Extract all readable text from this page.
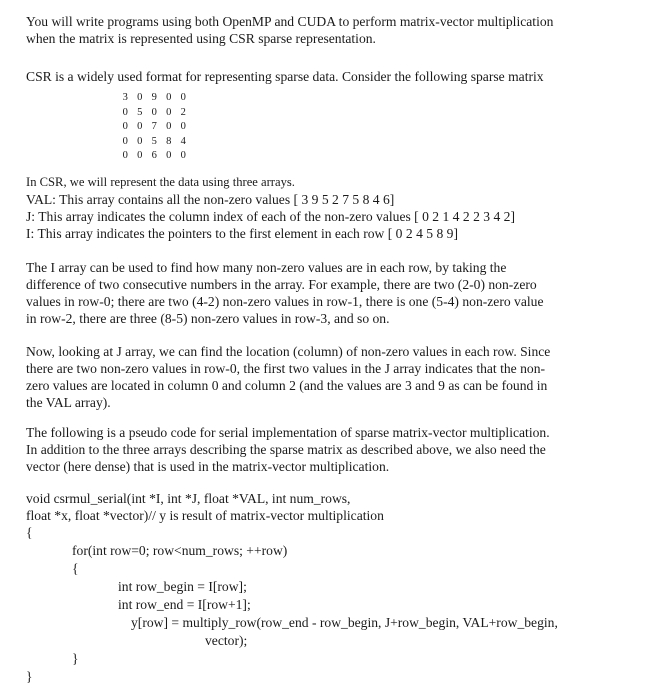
You will write programs using both OpenMP and CUDA to perform matrix-vector multiplication
when the matrix is represented using CSR sparse representation.
CSR is a widely used format for representing sparse data. Consider the following sparse matrix
3 0 9 0 0
0 5 0 0 2
0 0 7 0 0
0 0 5 8 4
0 0 6 0 0
In CSR, we will represent the data using three arrays.
VAL: This array contains all the non-zero values [ 3 9 5 2 7 5 8 4 6]
J: This array indicates the column index of each of the non-zero values [ 0 2 1 4 2 2 3 4 2]
I: This array indicates the pointers to the first element in each row [ 0 2 4 5 8 9]
The I array can be used to find how many non-zero values are in each row, by taking the
difference of two consecutive numbers in the array. For example, there are two (2-0) non-zero
values in row-0; there are two (4-2) non-zero values in row-1, there is one (5-4) non-zero value
in row-2, there are three (8-5) non-zero values in row-3, and so on.
Now, looking at J array, we can find the location (column) of non-zero values in each row. Since
there are two non-zero values in row-0, the first two values in the J array indicates that the non-
zero values are located in column 0 and column 2 (and the values are 3 and 9 as can be found in
the VAL array).
The following is a pseudo code for serial implementation of sparse matrix-vector multiplication.
In addition to the three arrays describing the sparse matrix as described above, we also need the
vector (here dense) that is used in the matrix-vector multiplication.
void csrmul_serial(int *I, int *J, float *VAL, int num_rows,
float *x, float *vector)// y is result of matrix-vector multiplication
{
for(int row=0; row<num_rows; ++row)
{
int row_begin = I[row];
int row_end = I[row+1];
y[row] = multiply_row(row_end - row_begin, J+row_begin, VAL+row_begin,
vector);
}
}
